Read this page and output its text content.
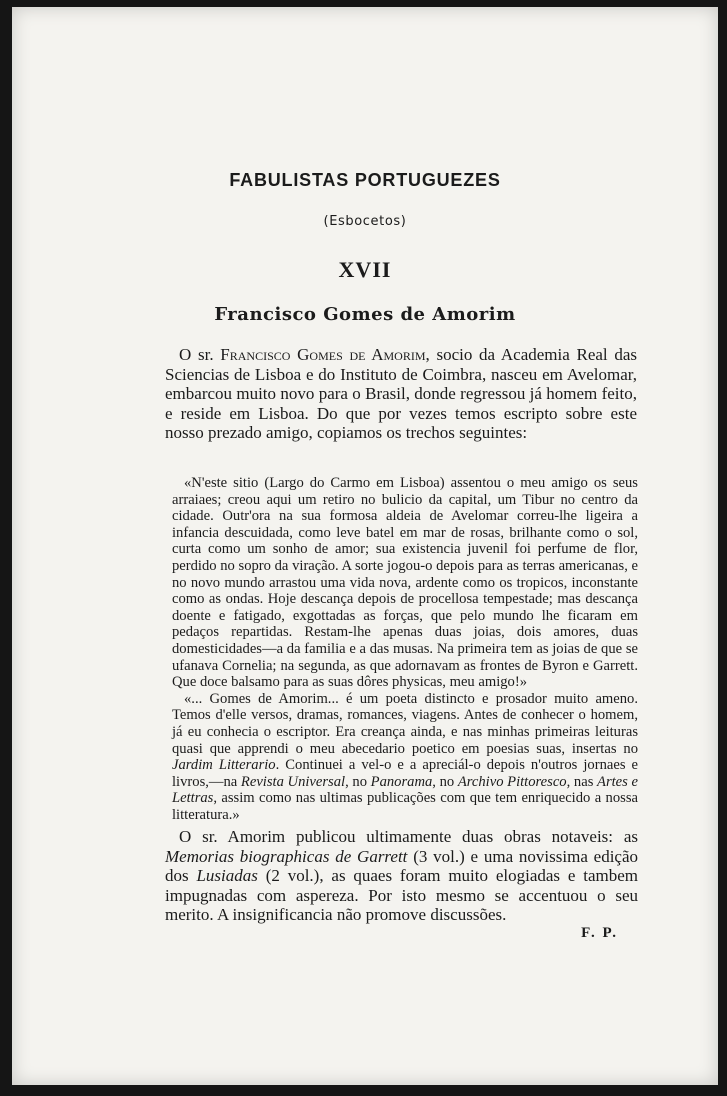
FABULISTAS PORTUGUEZES
(Esbocetos)
XVII
Francisco Gomes de Amorim

O sr. Francisco Gomes de Amorim, socio da Academia Real das Sciencias de Lisboa e do Instituto de Coimbra, nasceu em Avelomar, embarcou muito novo para o Brasil, donde regressou já homem feito, e reside em Lisboa. Do que por vezes temos escripto sobre este nosso prezado amigo, copiamos os trechos seguintes:

«N'este sitio (Largo do Carmo em Lisboa) assentou o meu amigo os seus arraiaes; creou aqui um retiro no bulicio da capital, um Tibur no centro da cidade. Outr'ora na sua formosa aldeia de Avelomar correu-lhe ligeira a infancia descuidada, como leve batel em mar de rosas, brilhante como o sol, curta como um sonho de amor; sua existencia juvenil foi perfume de flor, perdido no sopro da viração. A sorte jogou-o depois para as terras americanas, e no novo mundo arrastou uma vida nova, ardente como os tropicos, inconstante como as ondas. Hoje descança depois de procellosa tempestade; mas descança doente e fatigado, exgottadas as forças, que pelo mundo lhe ficaram em pedaços repartidas. Restam-lhe apenas duas joias, dois amores, duas domesticidades—a da familia e a das musas. Na primeira tem as joias de que se ufanava Cornelia; na segunda, as que adornavam as frontes de Byron e Garrett. Que doce balsamo para as suas dôres physicas, meu amigo!»

«... Gomes de Amorim... é um poeta distincto e prosador muito ameno. Temos d'elle versos, dramas, romances, viagens. Antes de conhecer o homem, já eu conhecia o escriptor. Era creança ainda, e nas minhas primeiras leituras quasi que apprendi o meu abecedario poetico em poesias suas, insertas no Jardim Litterario. Continuei a vel-o e a apreciál-o depois n'outros jornaes e livros,—na Revista Universal, no Panorama, no Archivo Pittoresco, nas Artes e Lettras, assim como nas ultimas publicações com que tem enriquecido a nossa litteratura.»

O sr. Amorim publicou ultimamente duas obras notaveis: as Memorias biographicas de Garrett (3 vol.) e uma novissima edição dos Lusiadas (2 vol.), as quaes foram muito elogiadas e tambem impugnadas com aspereza. Por isto mesmo se accentuou o seu merito. A insignificancia não promove discussões.

F. P.
